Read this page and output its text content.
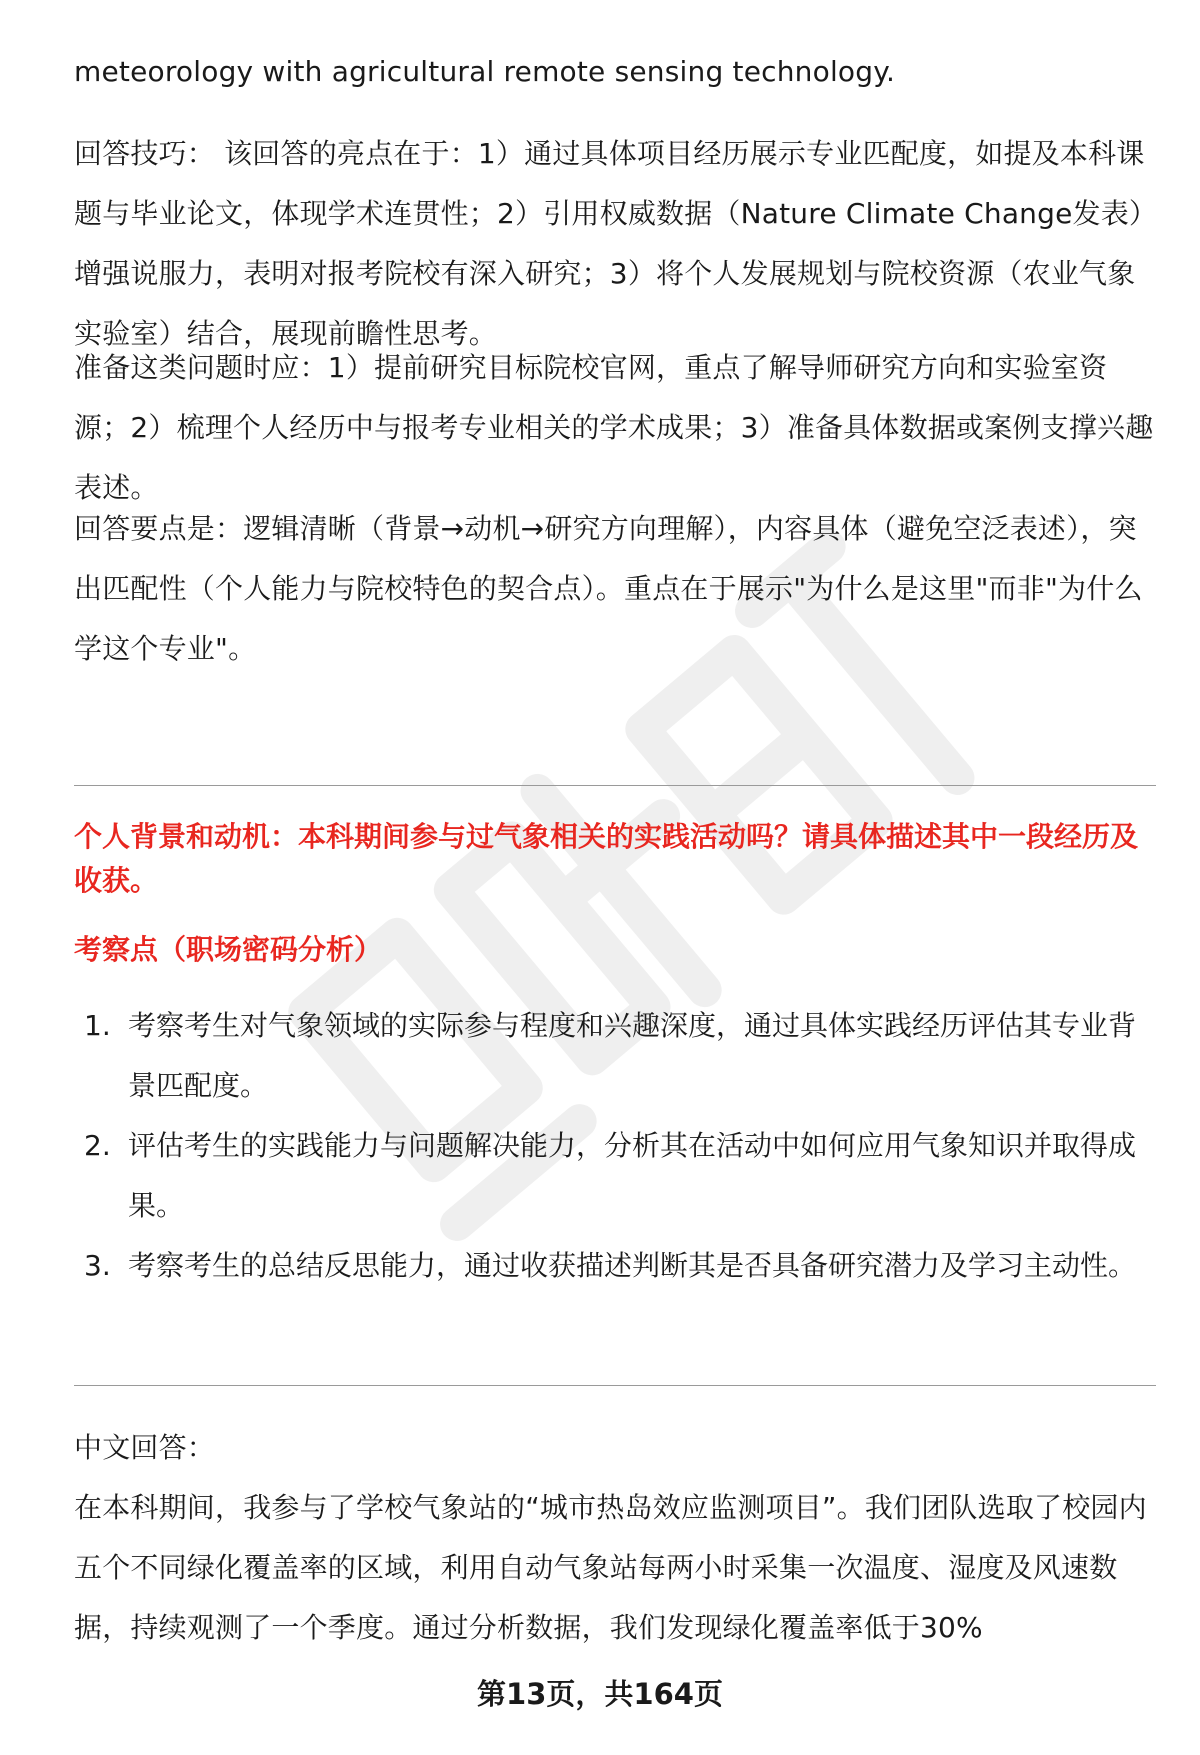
meteorology with agricultural remote sensing technology.

回答技巧： 该回答的亮点在于：1）通过具体项目经历展示专业匹配度，如提及本科课题与毕业论文，体现学术连贯性；2）引用权威数据（Nature Climate Change发表）增强说服力，表明对报考院校有深入研究；3）将个人发展规划与院校资源（农业气象实验室）结合，展现前瞻性思考。

准备这类问题时应：1）提前研究目标院校官网，重点了解导师研究方向和实验室资源；2）梳理个人经历中与报考专业相关的学术成果；3）准备具体数据或案例支撑兴趣表述。

回答要点是：逻辑清晰（背景→动机→研究方向理解），内容具体（避免空泛表述），突出匹配性（个人能力与院校特色的契合点）。重点在于展示"为什么是这里"而非"为什么学这个专业"。

个人背景和动机：本科期间参与过气象相关的实践活动吗？请具体描述其中一段经历及收获。

考察点（职场密码分析）

1. 考察考生对气象领域的实际参与程度和兴趣深度，通过具体实践经历评估其专业背景匹配度。
2. 评估考生的实践能力与问题解决能力，分析其在活动中如何应用气象知识并取得成果。
3. 考察考生的总结反思能力，通过收获描述判断其是否具备研究潜力及学习主动性。

中文回答：

在本科期间，我参与了学校气象站的“城市热岛效应监测项目”。我们团队选取了校园内五个不同绿化覆盖率的区域，利用自动气象站每两小时采集一次温度、湿度及风速数据，持续观测了一个季度。通过分析数据，我们发现绿化覆盖率低于30%

第13页，共164页
